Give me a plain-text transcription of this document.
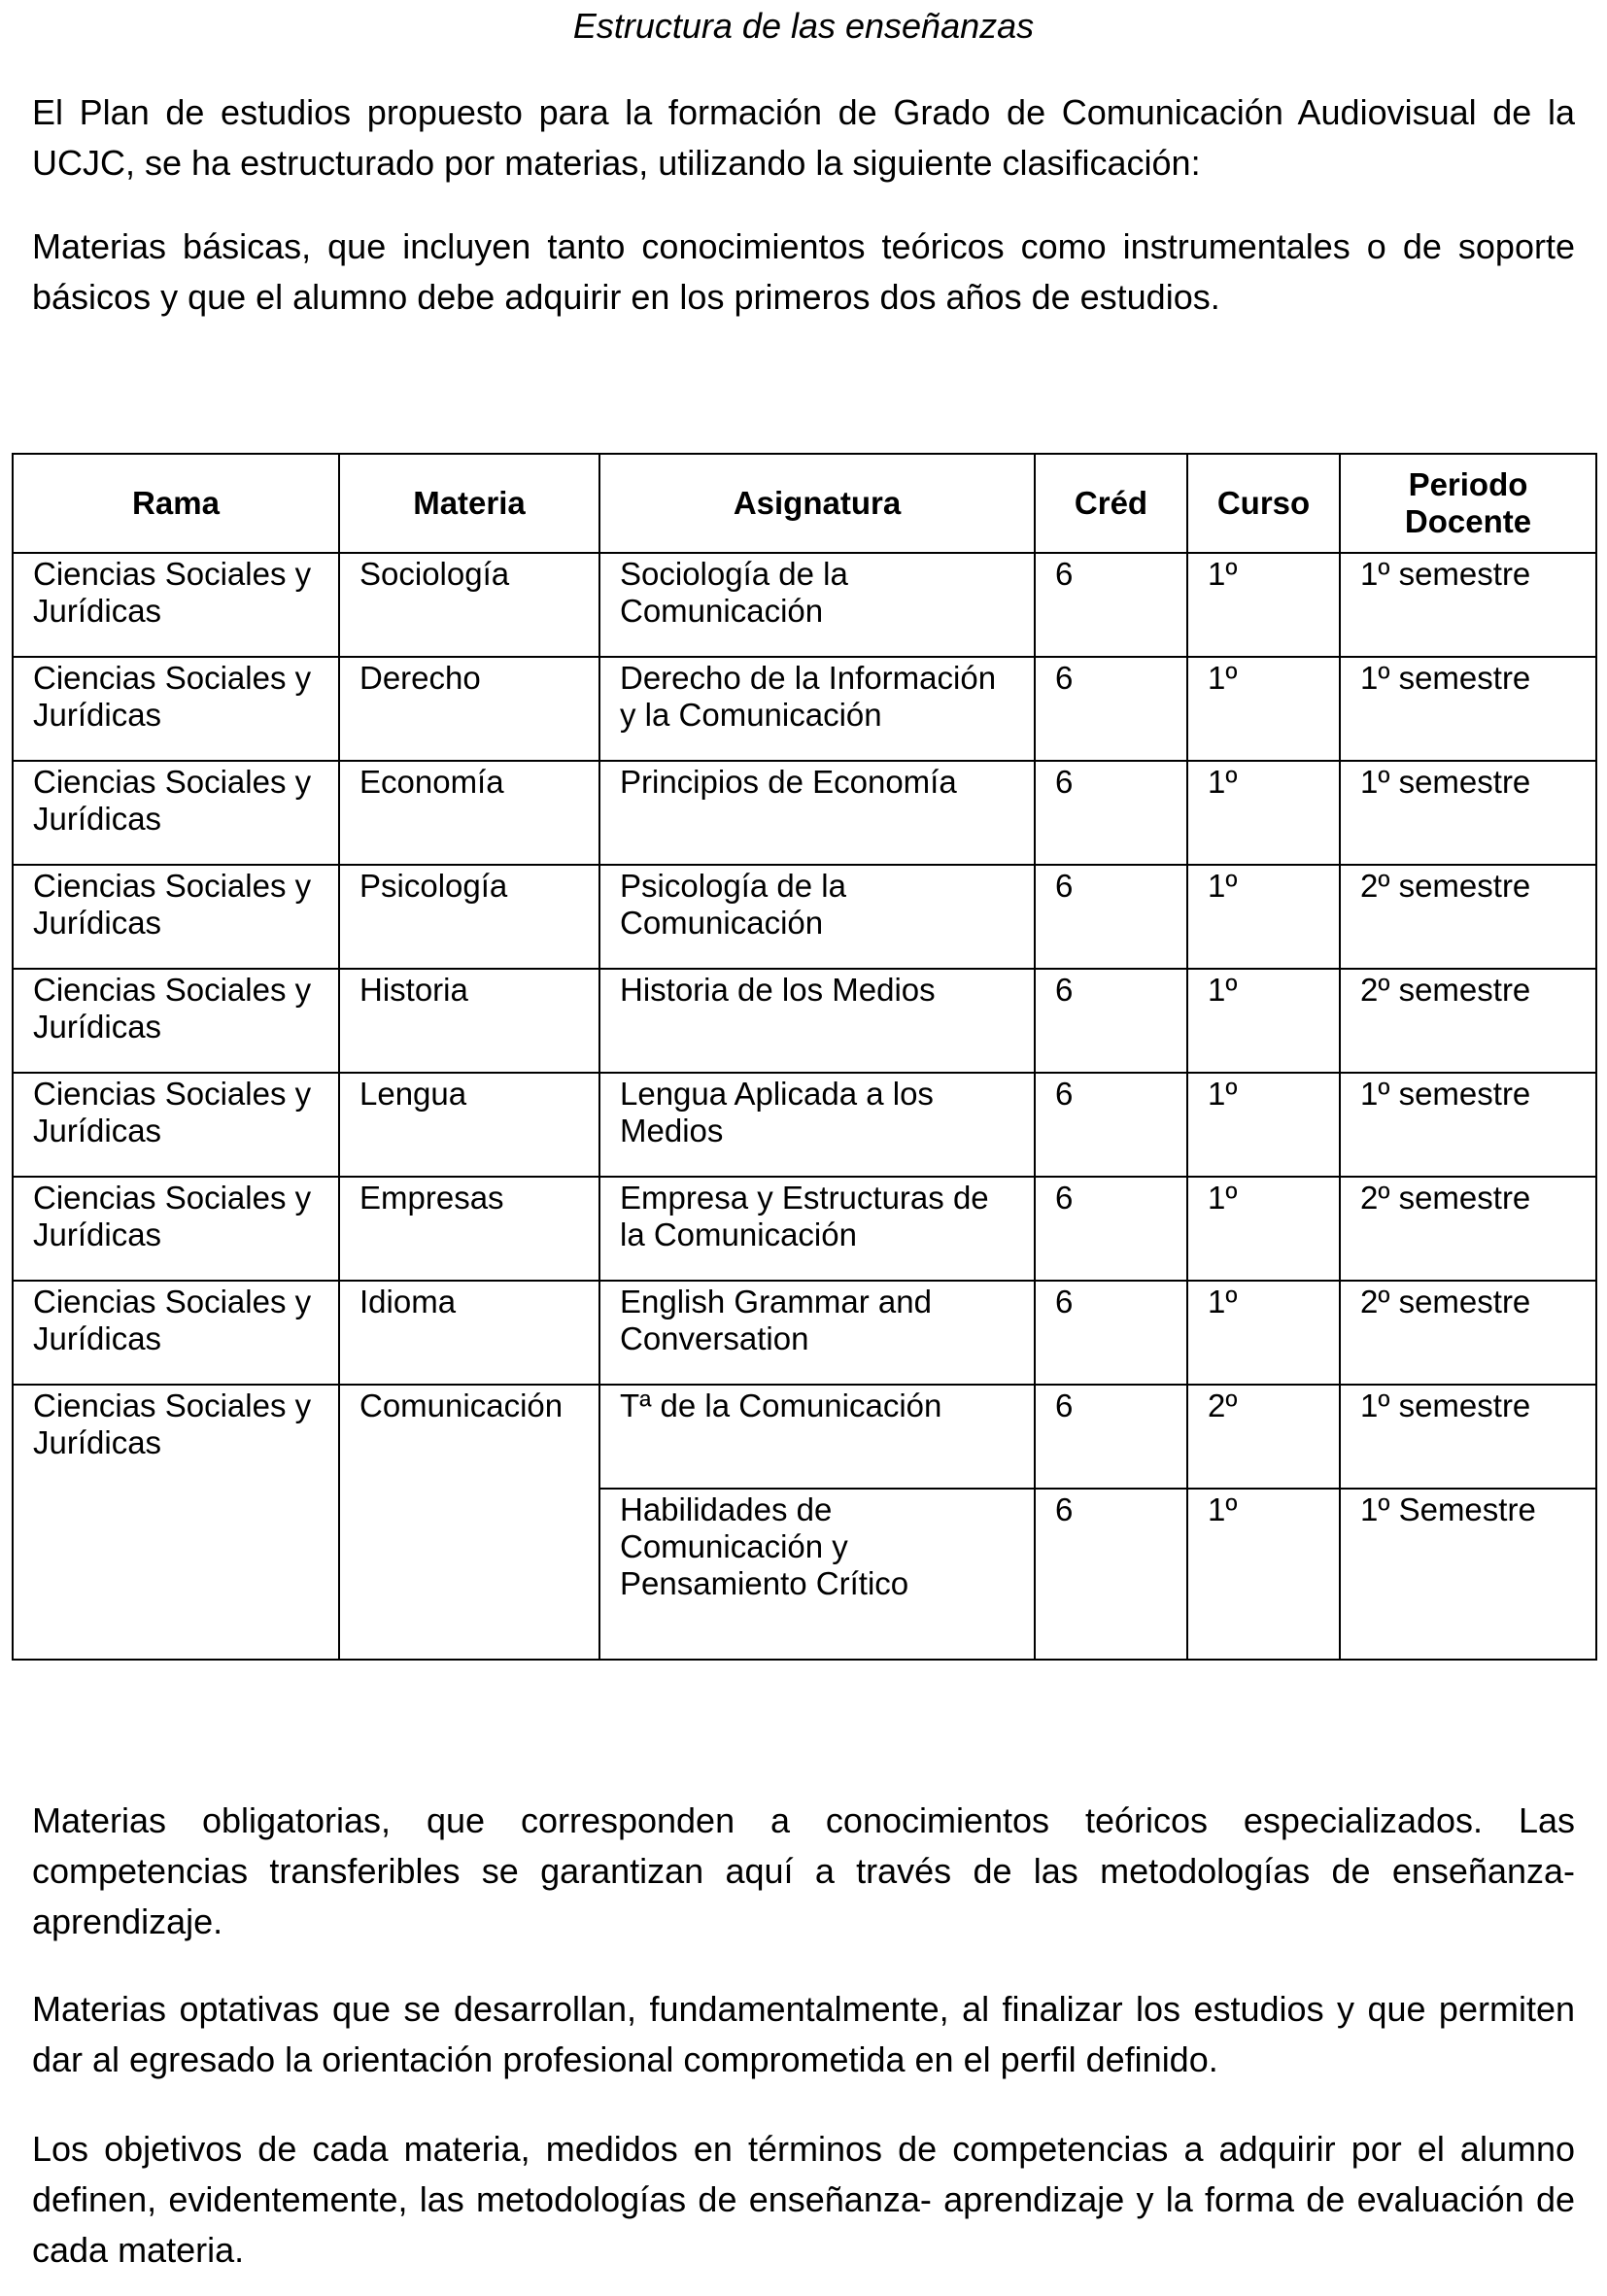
Estructura de las enseñanzas

El Plan de estudios propuesto para la formación de Grado de Comunicación Audiovisual de la UCJC, se ha estructurado por materias, utilizando la siguiente clasificación:

Materias básicas, que incluyen tanto conocimientos teóricos como instrumentales o de soporte básicos y que el alumno debe adquirir en los primeros dos años de estudios.

Rama	Materia	Asignatura	Créd	Curso	Periodo Docente
Ciencias Sociales y Jurídicas	Sociología	Sociología de la Comunicación	6	1º	1º semestre
Ciencias Sociales y Jurídicas	Derecho	Derecho de la Información y la Comunicación	6	1º	1º semestre
Ciencias Sociales y Jurídicas	Economía	Principios de Economía	6	1º	1º semestre
Ciencias Sociales y Jurídicas	Psicología	Psicología de la Comunicación	6	1º	2º semestre
Ciencias Sociales y Jurídicas	Historia	Historia de los Medios	6	1º	2º semestre
Ciencias Sociales y Jurídicas	Lengua	Lengua Aplicada a los Medios	6	1º	1º semestre
Ciencias Sociales y Jurídicas	Empresas	Empresa y Estructuras de la Comunicación	6	1º	2º semestre
Ciencias Sociales y Jurídicas	Idioma	English Grammar and Conversation	6	1º	2º semestre
Ciencias Sociales y Jurídicas	Comunicación	Tª de la Comunicación	6	2º	1º semestre
		Habilidades de Comunicación y Pensamiento Crítico	6	1º	1º Semestre

Materias obligatorias, que corresponden a conocimientos teóricos especializados. Las competencias transferibles se garantizan aquí a través de las metodologías de enseñanza- aprendizaje.

Materias optativas que se desarrollan, fundamentalmente, al finalizar los estudios y que permiten dar al egresado la orientación profesional comprometida en el perfil definido.

Los objetivos de cada materia, medidos en términos de competencias a adquirir por el alumno definen, evidentemente, las metodologías de enseñanza- aprendizaje y la forma de evaluación de cada materia.
